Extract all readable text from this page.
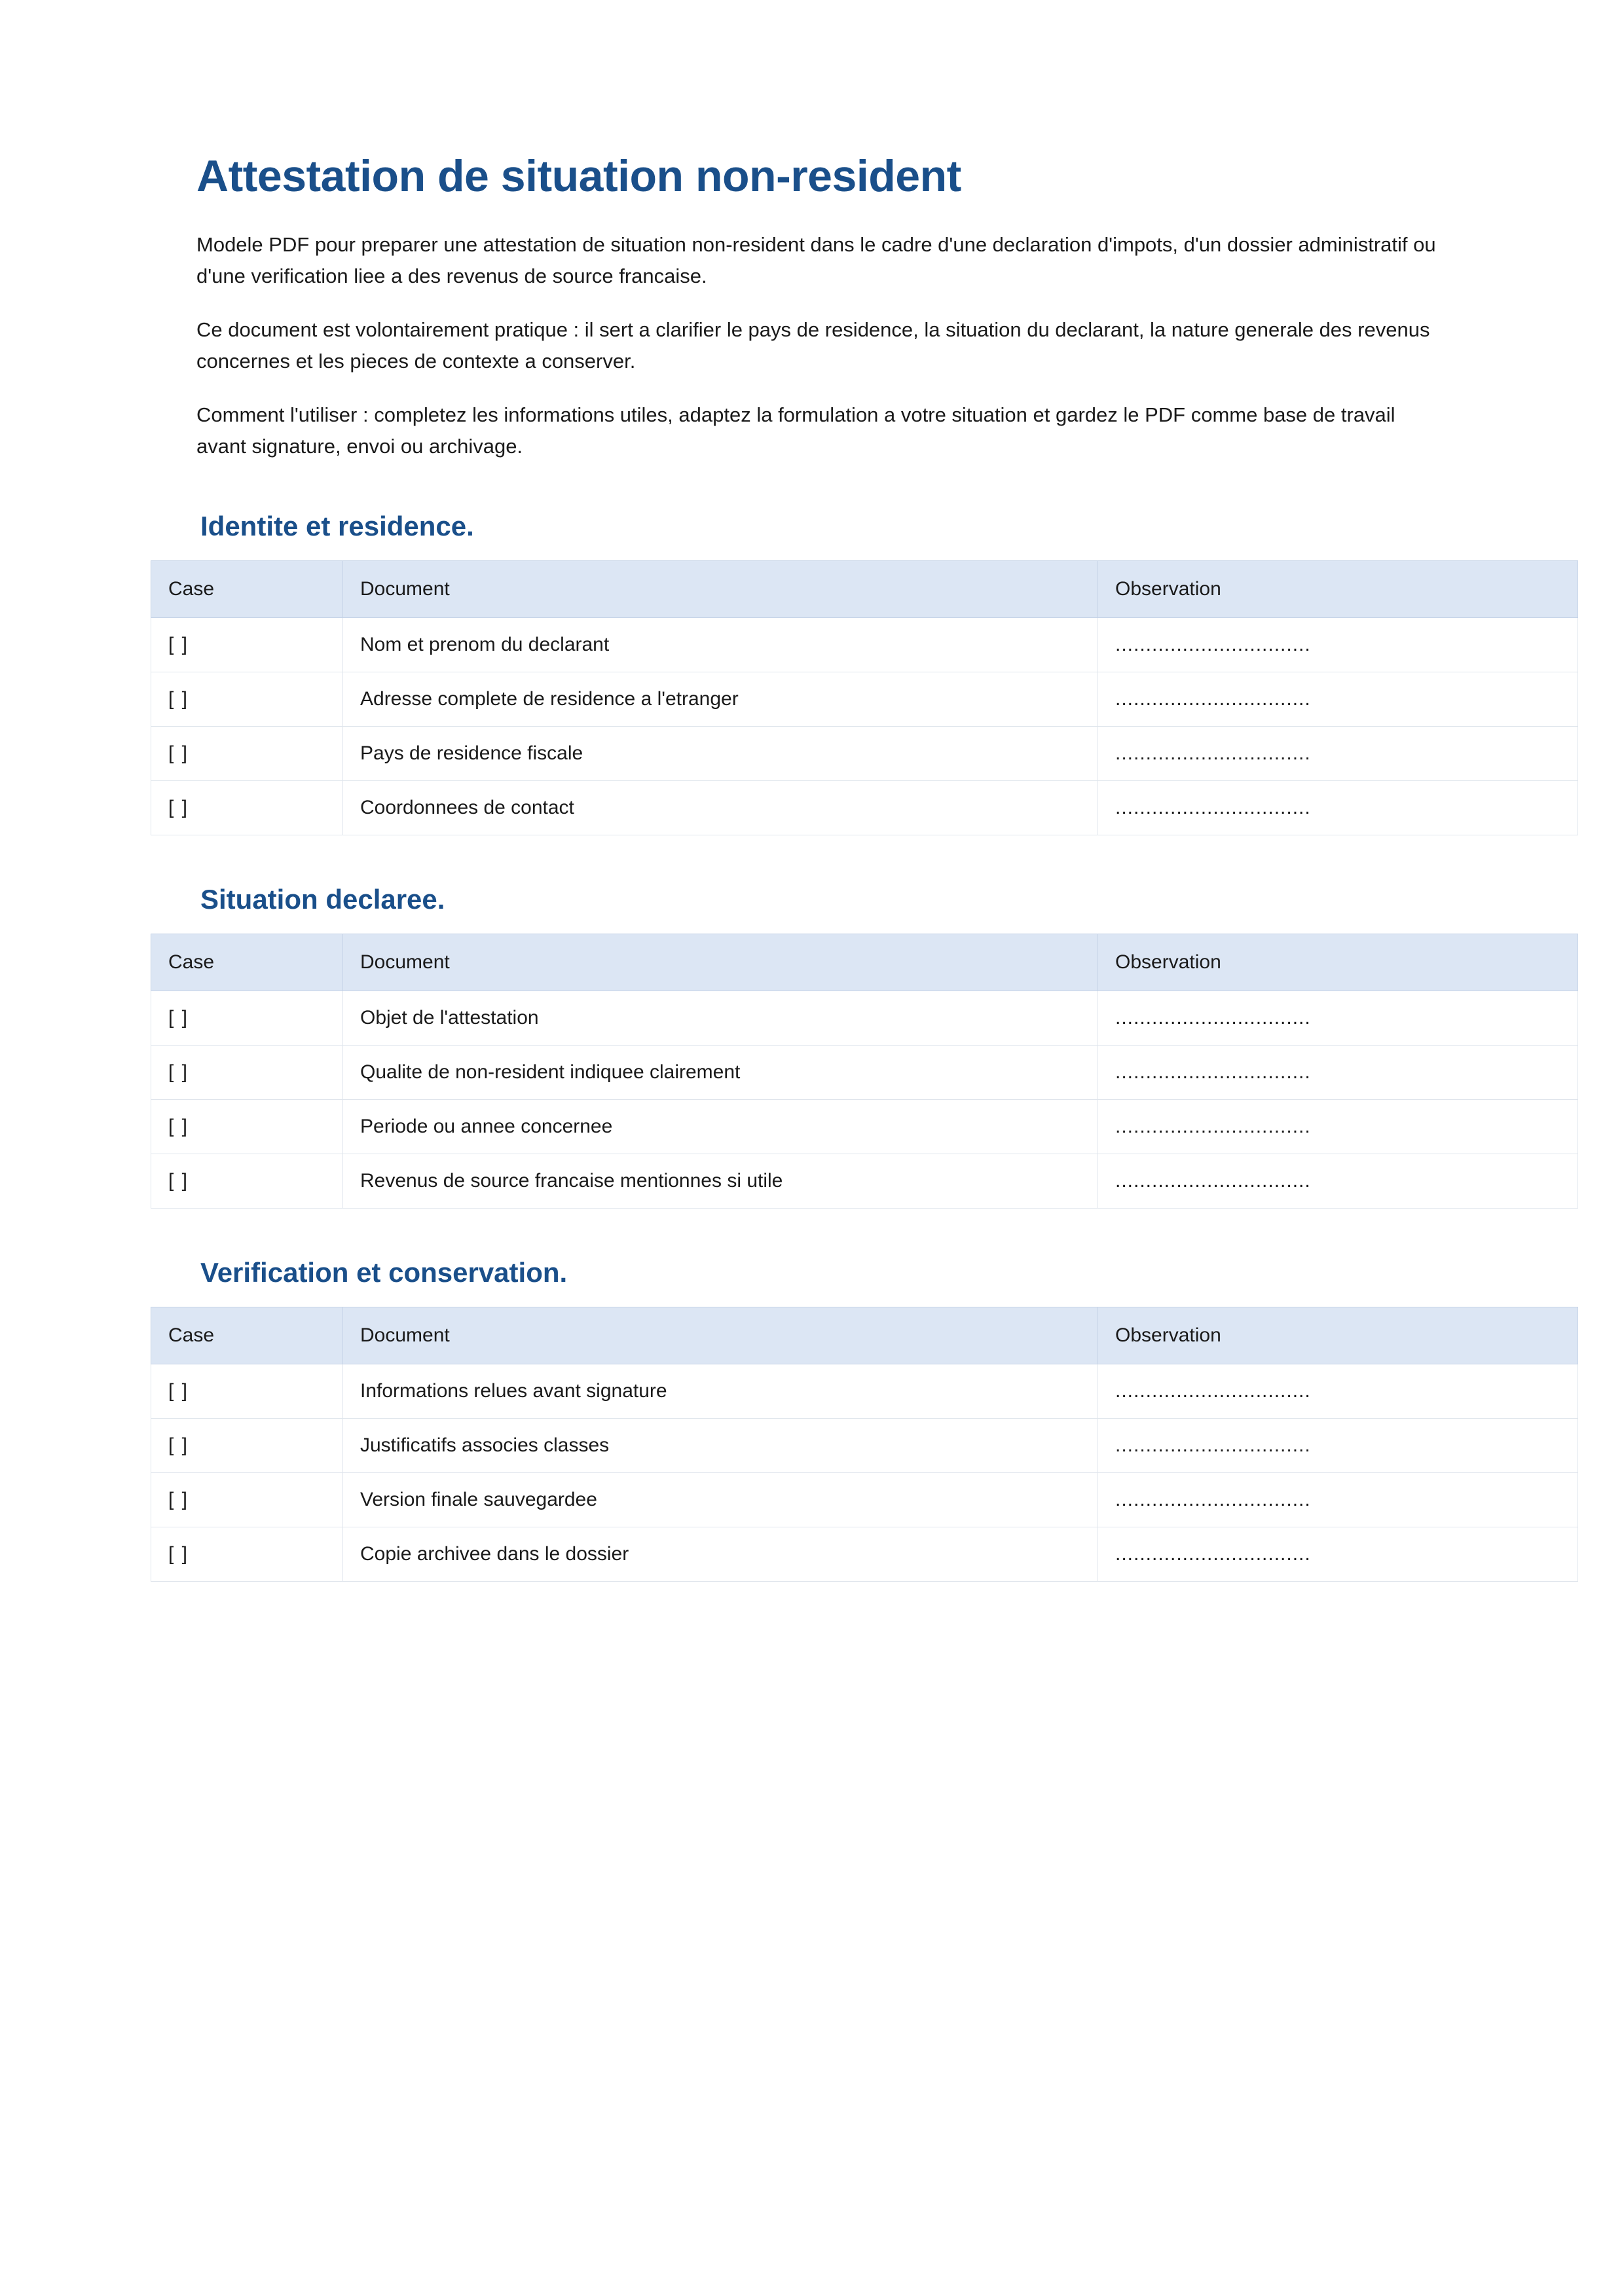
Attestation de situation non-resident

Modele PDF pour preparer une attestation de situation non-resident dans le cadre d'une declaration d'impots, d'un dossier administratif ou d'une verification liee a des revenus de source francaise.

Ce document est volontairement pratique : il sert a clarifier le pays de residence, la situation du declarant, la nature generale des revenus concernes et les pieces de contexte a conserver.

Comment l'utiliser : completez les informations utiles, adaptez la formulation a votre situation et gardez le PDF comme base de travail avant signature, envoi ou archivage.

Identite et residence.
Case	Document	Observation
[ ]	Nom et prenom du declarant	................................
[ ]	Adresse complete de residence a l'etranger	................................
[ ]	Pays de residence fiscale	................................
[ ]	Coordonnees de contact	................................
Situation declaree.
Case	Document	Observation
[ ]	Objet de l'attestation	................................
[ ]	Qualite de non-resident indiquee clairement	................................
[ ]	Periode ou annee concernee	................................
[ ]	Revenus de source francaise mentionnes si utile	................................
Verification et conservation.
Case	Document	Observation
[ ]	Informations relues avant signature	................................
[ ]	Justificatifs associes classes	................................
[ ]	Version finale sauvegardee	................................
[ ]	Copie archivee dans le dossier	................................
